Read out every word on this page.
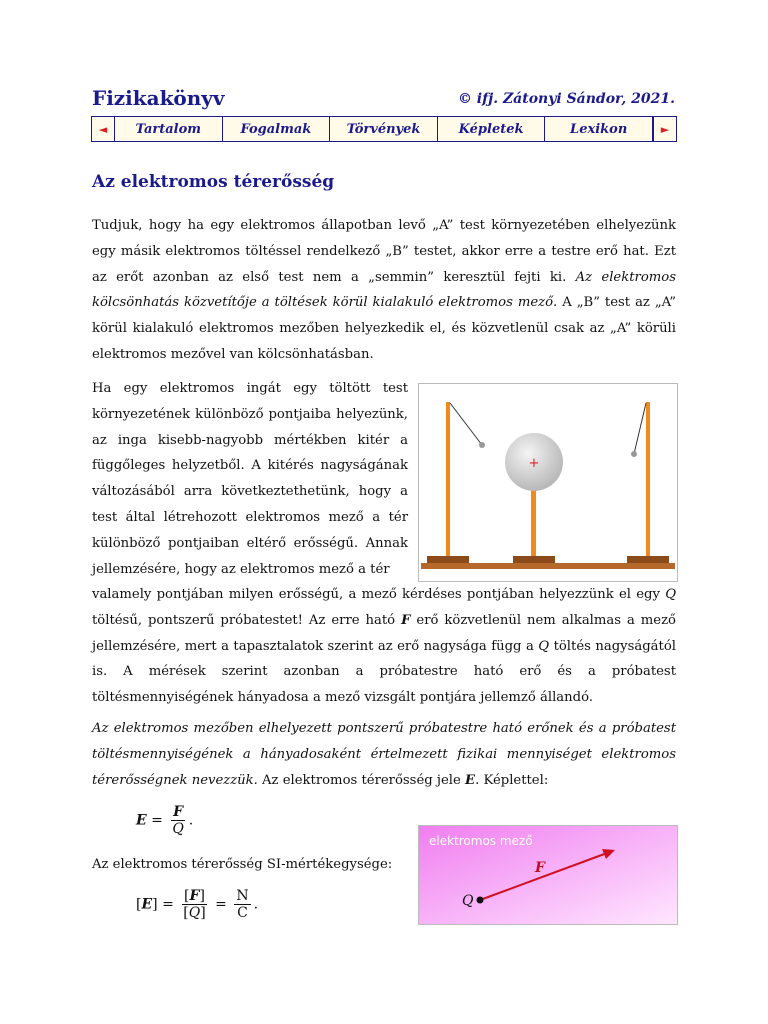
Fizikakönyv	© ifj. Zátonyi Sándor, 2021.
◄	Tartalom	Fogalmak	Törvények	Képletek	Lexikon	►
Az elektromos térerősség

Tudjuk, hogy ha egy elektromos állapotban levő „A” test környezetében elhelyezünk egy másik elektromos töltéssel rendelkező „B” testet, akkor erre a testre erő hat. Ezt az erőt azonban az első test nem a „semmin” keresztül fejti ki. Az elektromos kölcsönhatás közvetítője a töltések körül kialakuló elektromos mező. A „B” test az „A” körül kialakuló elektromos mezőben helyezkedik el, és közvetlenül csak az „A” körüli elektromos mezővel van kölcsönhatásban.

Ha egy elektromos ingát egy töltött test környezetének különböző pontjaiba helyezünk, az inga kisebb-nagyobb mértékben kitér a függőleges helyzetből. A kitérés nagyságának változásából arra következtethetünk, hogy a test által létrehozott elektromos mező a tér különböző pontjaiban eltérő erősségű. Annak jellemzésére, hogy az elektromos mező a tér

+

valamely pontjában milyen erősségű, a mező kérdéses pontjában helyezzünk el egy Q töltésű, pontszerű próbatestet! Az erre ható F erő közvetlenül nem alkalmas a mező jellemzésére, mert a tapasztalatok szerint az erő nagysága függ a Q töltés nagyságától is. A mérések szerint azonban a próbatestre ható erő és a próbatest töltésmennyiségének hányadosa a mező vizsgált pontjára jellemző állandó.

Az elektromos mezőben elhelyezett pontszerű próbatestre ható erőnek és a próbatest töltésmennyiségének a hányadosaként értelmezett fizikai mennyiséget elektromos térerősségnek nevezzük. Az elektromos térerősség jele E. Képlettel:

$E = \frac{F}{Q}$ .

Az elektromos térerősség SI-mértékegysége:

$[E] = \frac{[F]}{[Q]} = \frac{N}{C}$ .
elektromos mező
F
Q
